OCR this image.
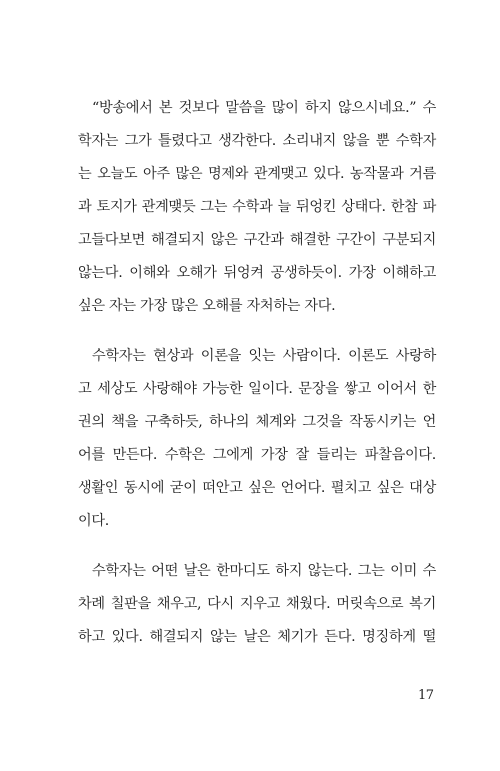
“방송에서 본 것보다 말씀을 많이 하지 않으시네요.” 수
학자는 그가 틀렸다고 생각한다. 소리내지 않을 뿐 수학자
는 오늘도 아주 많은 명제와 관계맺고 있다. 농작물과 거름
과 토지가 관계맺듯 그는 수학과 늘 뒤엉킨 상태다. 한참 파
고들다보면 해결되지 않은 구간과 해결한 구간이 구분되지
않는다. 이해와 오해가 뒤엉켜 공생하듯이. 가장 이해하고
싶은 자는 가장 많은 오해를 자처하는 자다.
수학자는 현상과 이론을 잇는 사람이다. 이론도 사랑하
고 세상도 사랑해야 가능한 일이다. 문장을 쌓고 이어서 한
권의 책을 구축하듯, 하나의 체계와 그것을 작동시키는 언
어를 만든다. 수학은 그에게 가장 잘 들리는 파찰음이다.
생활인 동시에 굳이 떠안고 싶은 언어다. 펼치고 싶은 대상
이다.
수학자는 어떤 날은 한마디도 하지 않는다. 그는 이미 수
차례 칠판을 채우고, 다시 지우고 채웠다. 머릿속으로 복기
하고 있다. 해결되지 않는 날은 체기가 든다. 명징하게 떨
17
